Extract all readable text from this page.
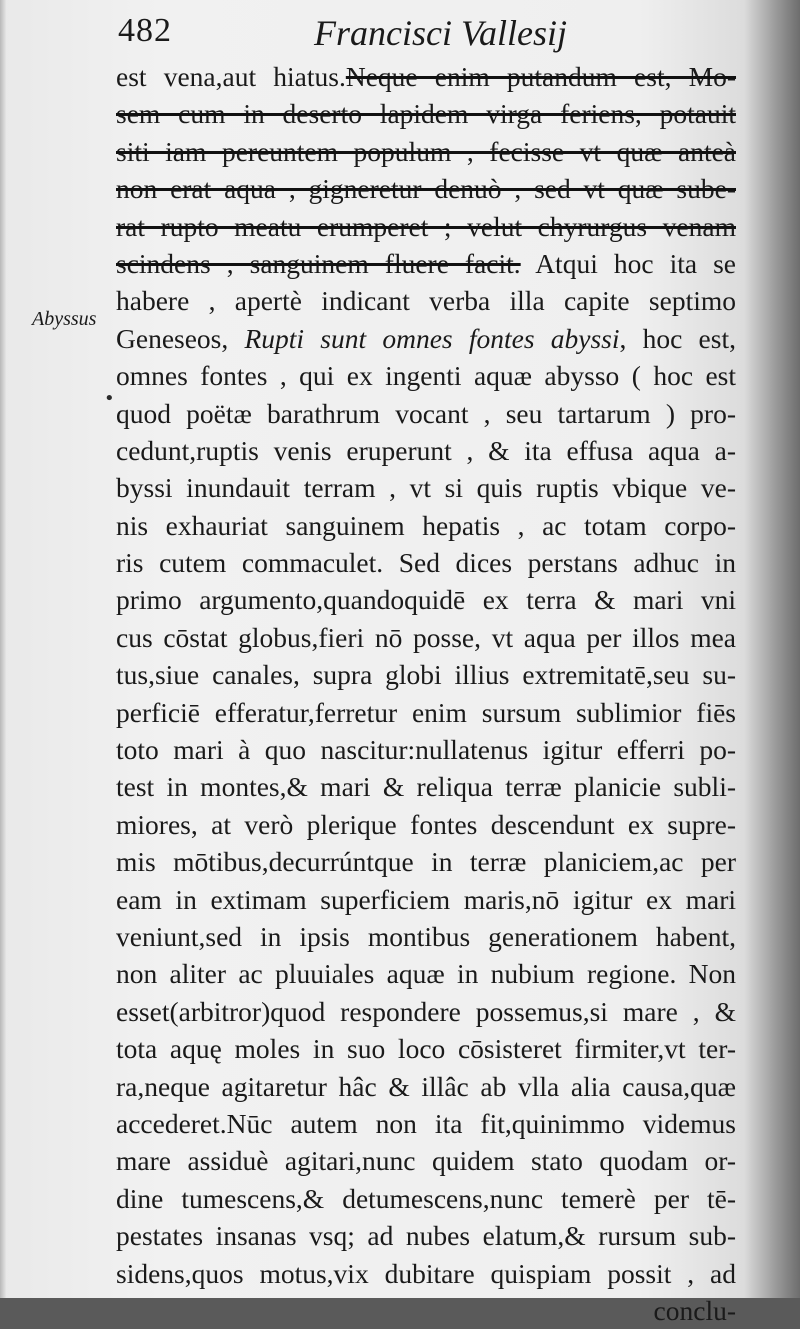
482	Francisci Vallesij
Abyssus
•
est vena,aut hiatus.Neque enim putandum est, Mo-
sem cum in deserto lapidem virga feriens, potauit
siti iam pereuntem populum , fecisse vt quæ anteà
non erat aqua , gigneretur denuò , sed vt quæ sube-
rat rupto meatu erumperet ; velut chyrurgus venam
scindens , sanguinem fluere facit. Atqui hoc ita se
habere , apertè indicant verba illa capite septimo
Geneseos, Rupti sunt omnes fontes abyssi, hoc est,
omnes fontes , qui ex ingenti aquæ abysso ( hoc est
quod poëtæ barathrum vocant , seu tartarum ) pro-
cedunt,ruptis venis eruperunt , & ita effusa aqua a-
byssi inundauit terram , vt si quis ruptis vbique ve-
nis exhauriat sanguinem hepatis , ac totam corpo-
ris cutem commaculet. Sed dices perstans adhuc in
primo argumento,quandoquidē ex terra & mari vni
cus cōstat globus,fieri nō posse, vt aqua per illos mea
tus,siue canales, supra globi illius extremitatē,seu su-
perficiē efferatur,ferretur enim sursum sublimior fiēs
toto mari à quo nascitur:nullatenus igitur efferri po-
test in montes,& mari & reliqua terræ planicie subli-
miores, at verò plerique fontes descendunt ex supre-
mis mōtibus,decurrúntque in terræ planiciem,ac per
eam in extimam superficiem maris,nō igitur ex mari
veniunt,sed in ipsis montibus generationem habent,
non aliter ac pluuiales aquæ in nubium regione. Non
esset(arbitror)quod respondere possemus,si mare , &
tota aquę moles in suo loco cōsisteret firmiter,vt ter-
ra,neque agitaretur hâc & illâc ab vlla alia causa,quæ
accederet.Nūc autem non ita fit,quinimmo videmus
mare assiduè agitari,nunc quidem stato quodam or-
dine tumescens,& detumescens,nunc temerè per tē-
pestates insanas vsq; ad nubes elatum,& rursum sub-
sidens,quos motus,vix dubitare quispiam possit , ad
conclu-
